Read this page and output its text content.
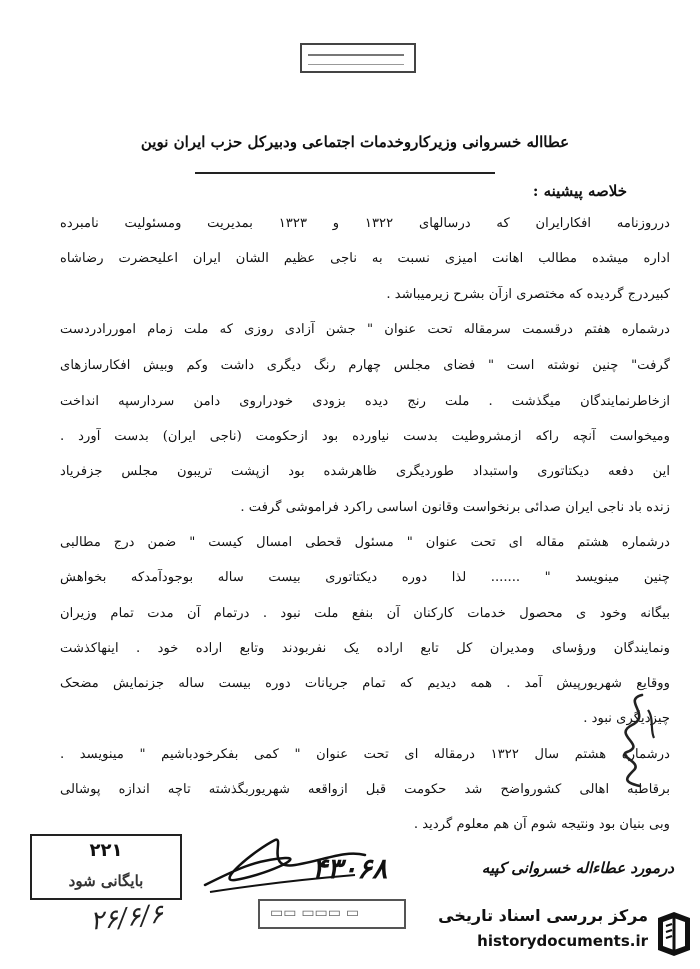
عطااله خسروانی وزیرکاروخدمات اجتماعی ودبیرکل حزب ایران نوین
خلاصه پیشینه :
درروزنامه افکارایران که درسالهای ۱۳۲۲ و ۱۳۲۳ بمدیریت ومسئولیت نامبرده
اداره میشده مطالب اهانت امیزی نسبت به ناجی عظیم الشان ایران اعلیحضرت رضاشاه
کبیردرج گردیده که مختصری ازآن بشرح زیرمیباشد .
درشماره هفتم درقسمت سرمقاله تحت عنوان " جشن آزادی روزی که ملت زمام اموررادردست
گرفت" چنین نوشته است " فضای مجلس چهارم رنگ دیگری داشت وکم وبیش افکارسازهای
ازخاطرنمایندگان میگذشت . ملت رنج دیده بزودی خودراروی دامن سردارسپه انداخت
ومیخواست آنچه راکه ازمشروطیت بدست نیاورده بود ازحکومت (ناجی ایران) بدست آورد .
این دفعه دیکتاتوری واستبداد طوردیگری ظاهرشده بود ازپشت تریبون مجلس جزفریاد
زنده باد ناجی ایران صدائی برنخواست وقانون اساسی راکرد فراموشی گرفت .
درشماره هشتم مقاله ای تحت عنوان " مسئول قحطی امسال کیست " ضمن درج مطالبی
چنین مینویسد " ....... لذا دوره دیکتاتوری بیست ساله بوجودآمدکه بخواهش
بیگانه وخود ی محصول خدمات کارکنان آن بنفع ملت نبود . درتمام آن مدت تمام وزیران
ونمایندگان ورؤسای ومدیران کل تابع اراده یک نفربودند وتابع اراده خود . اینهاکذشت
ووقایع شهریورپیش آمد . همه دیدیم که تمام جریانات دوره بیست ساله جزنمایش مضحک
چیزدیگری نبود .
درشماره هشتم سال ۱۳۲۲ درمقاله ای تحت عنوان " کمی بفکرخودباشیم " مینویسد .
برقاطبه اهالی کشورواضح شد حکومت قبل ازواقعه شهریوربگذشته تاچه اندازه پوشالی
وبی بنیان بود ونتیجه شوم آن هم معلوم گردید .
۲۲۱
بایگانی شود
۲۶/۶/۶
۴۳۰۶۸	درمورد عطاءاله خسروانی کپیه
▭▭ ▭▭▭ ▭	مرکز بررسی اسناد تاریخی
historydocuments.ir
